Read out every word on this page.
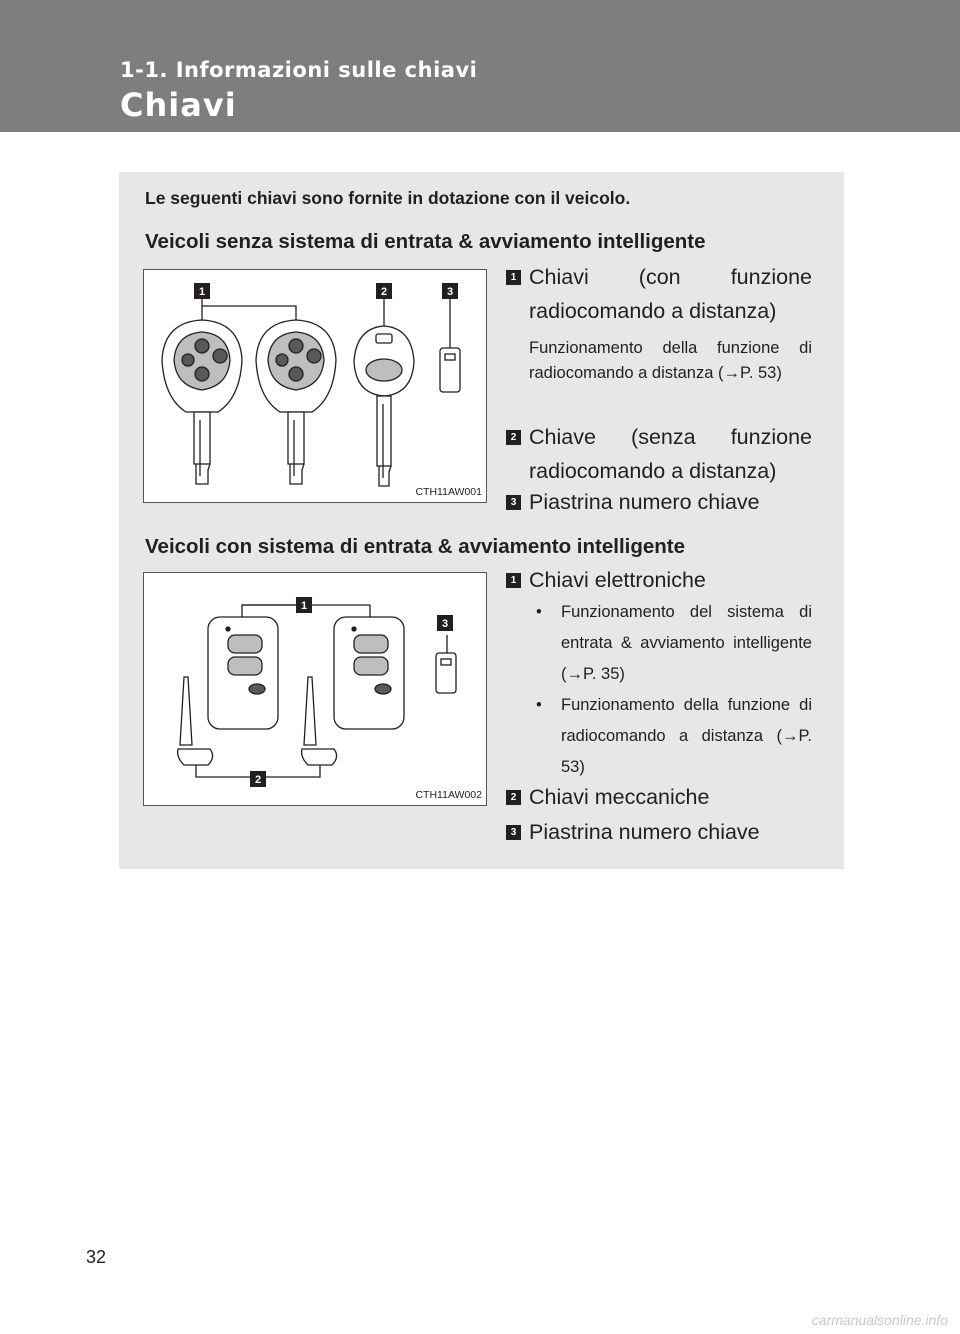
1-1. Informazioni sulle chiavi
Chiavi
Le seguenti chiavi sono fornite in dotazione con il veicolo.
Veicoli senza sistema di entrata & avviamento intelligente
1	2	3
CTH11AW001
1 Chiavi (con funzione radiocomando a distanza)
Funzionamento della funzione di radiocomando a distanza (→P. 53)
2 Chiave (senza funzione radiocomando a distanza)
3 Piastrina numero chiave
Veicoli con sistema di entrata & avviamento intelligente
1
2
3
CTH11AW002
1 Chiavi elettroniche
• Funzionamento del sistema di entrata & avviamento intelligente (→P. 35)
• Funzionamento della funzione di radiocomando a distanza (→P. 53)
2 Chiavi meccaniche
3 Piastrina numero chiave
32
carmanualsonline.info
